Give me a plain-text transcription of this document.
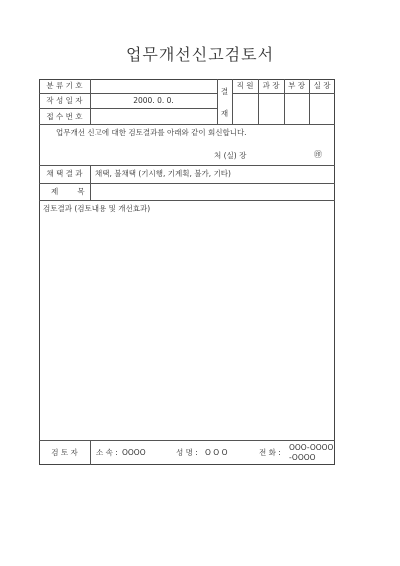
업무개선신고검토서
분 류 기 호
작 성 일 자	2000. 0. 0.
접 수 번 호
결
재
직 원	과 장	부 장	실 장
업무개선 신고에 대한 검토결과를 아래와 같이 회신합니다.
처 (실) 장	㊞
채 택 결 과	채택, 불채택 (기시행, 기계획, 불가, 기타)
제        목
검토결과 (검토내용 및 개선효과)
검 토 자	소 속 : OOOO	성 명 : O O O	전 화 :
OOO-OOOO
-OOOO
